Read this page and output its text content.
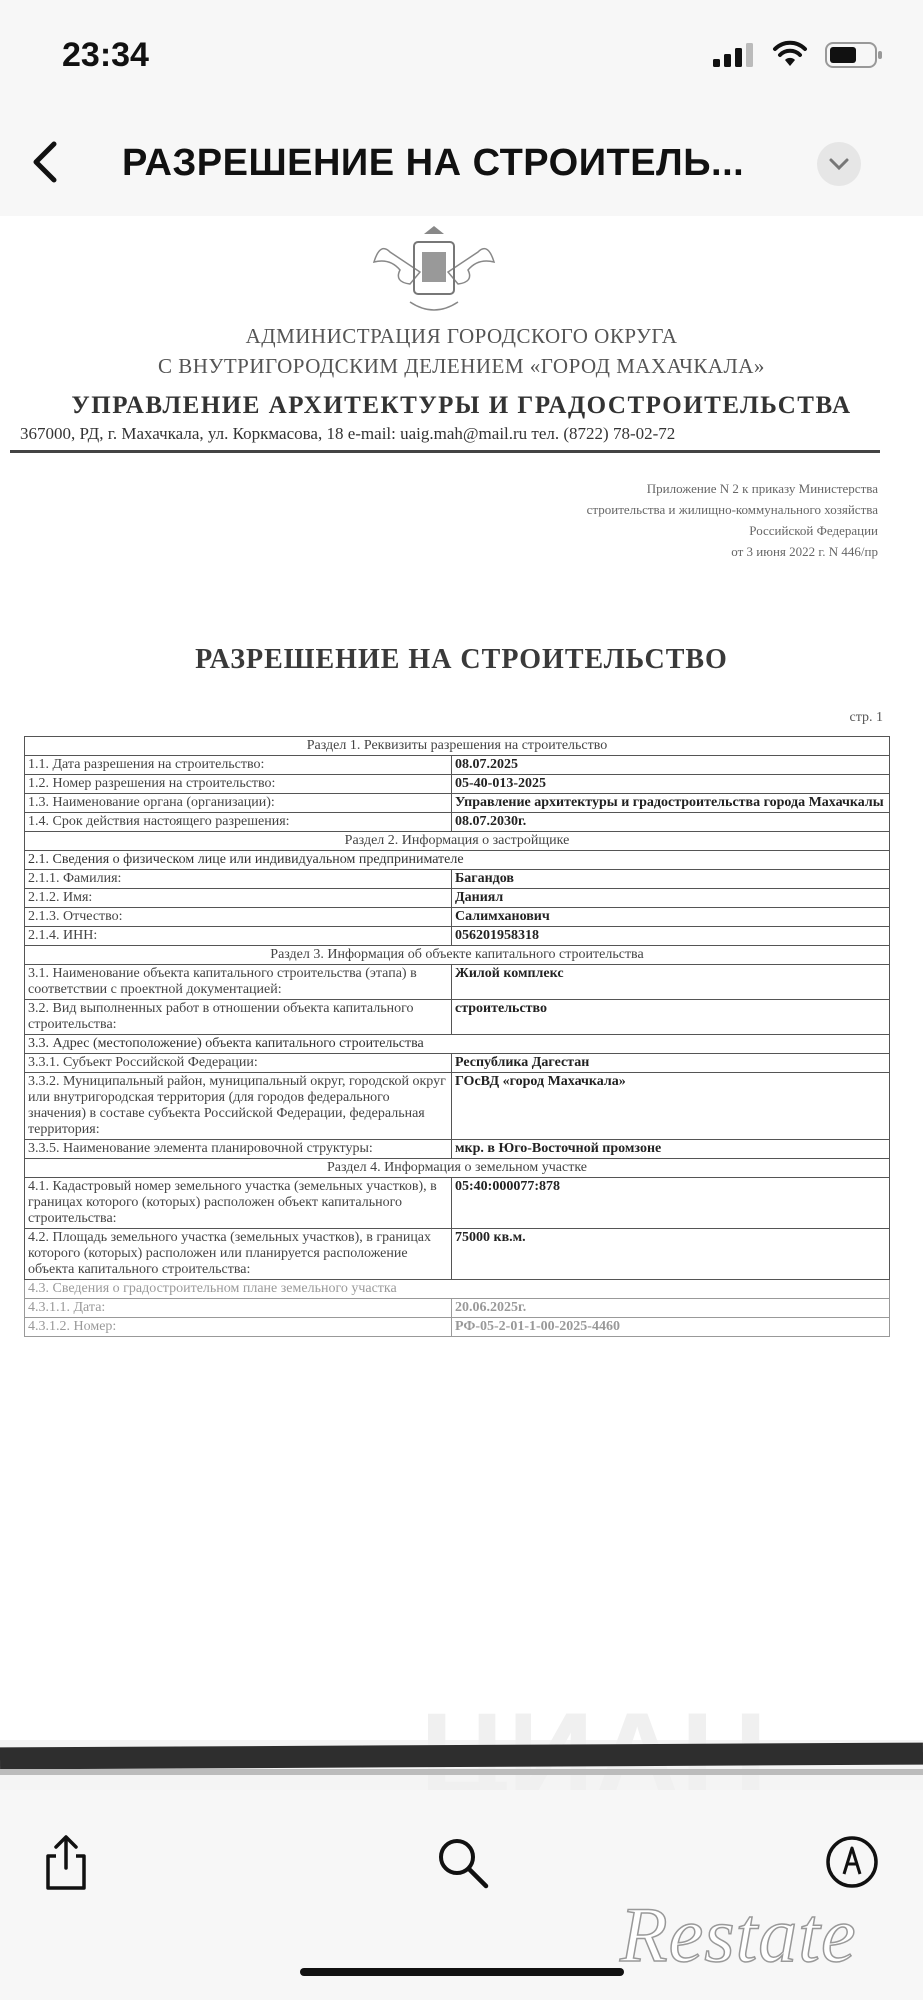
23:34
РАЗРЕШЕНИЕ НА СТРОИТЕЛЬ...
АДМИНИСТРАЦИЯ ГОРОДСКОГО ОКРУГА
С ВНУТРИГОРОДСКИМ ДЕЛЕНИЕМ «ГОРОД МАХАЧКАЛА»
УПРАВЛЕНИЕ АРХИТЕКТУРЫ И ГРАДОСТРОИТЕЛЬСТВА
367000, РД, г. Махачкала, ул. Коркмасова, 18 e-mail: uaig.mah@mail.ru тел. (8722) 78-02-72
Приложение N 2 к приказу Министерства
строительства и жилищно-коммунального хозяйства
Российской Федерации
от 3 июня 2022 г. N 446/пр
РАЗРЕШЕНИЕ НА СТРОИТЕЛЬСТВО
стр. 1
Раздел 1. Реквизиты разрешения на строительство	
1.1. Дата разрешения на строительство:	08.07.2025
1.2. Номер разрешения на строительство:	05-40-013-2025
1.3. Наименование органа (организации):	Управление архитектуры и градостроительства города Махачкалы
1.4. Срок действия настоящего разрешения:	08.07.2030г.
Раздел 2. Информация о застройщике	
2.1. Сведения о физическом лице или индивидуальном предпринимателе	
2.1.1. Фамилия:	Багандов
2.1.2. Имя:	Даниял
2.1.3. Отчество:	Салимханович
2.1.4. ИНН:	056201958318
Раздел 3. Информация об объекте капитального строительства	
3.1. Наименование объекта капитального строительства (этапа) в соответствии с проектной документацией:	Жилой комплекс
3.2. Вид выполненных работ в отношении объекта капитального строительства:	строительство
3.3. Адрес (местоположение) объекта капитального строительства	
3.3.1. Субъект Российской Федерации:	Республика Дагестан
3.3.2. Муниципальный район, муниципальный округ, городской округ или внутригородская территория (для городов федерального значения) в составе субъекта Российской Федерации, федеральная территория:	ГОсВД «город Махачкала»
3.3.5. Наименование элемента планировочной структуры:	мкр. в Юго-Восточной промзоне
Раздел 4. Информация о земельном участке	
4.1. Кадастровый номер земельного участка (земельных участков), в границах которого (которых) расположен объект капитального строительства:	05:40:000077:878
4.2. Площадь земельного участка (земельных участков), в границах которого (которых) расположен или планируется расположение объекта капитального строительства:	75000 кв.м.
4.3. Сведения о градостроительном плане земельного участка	
4.3.1.1. Дата:	20.06.2025г.
4.3.1.2. Номер:	РФ-05-2-01-1-00-2025-4460
Restate
